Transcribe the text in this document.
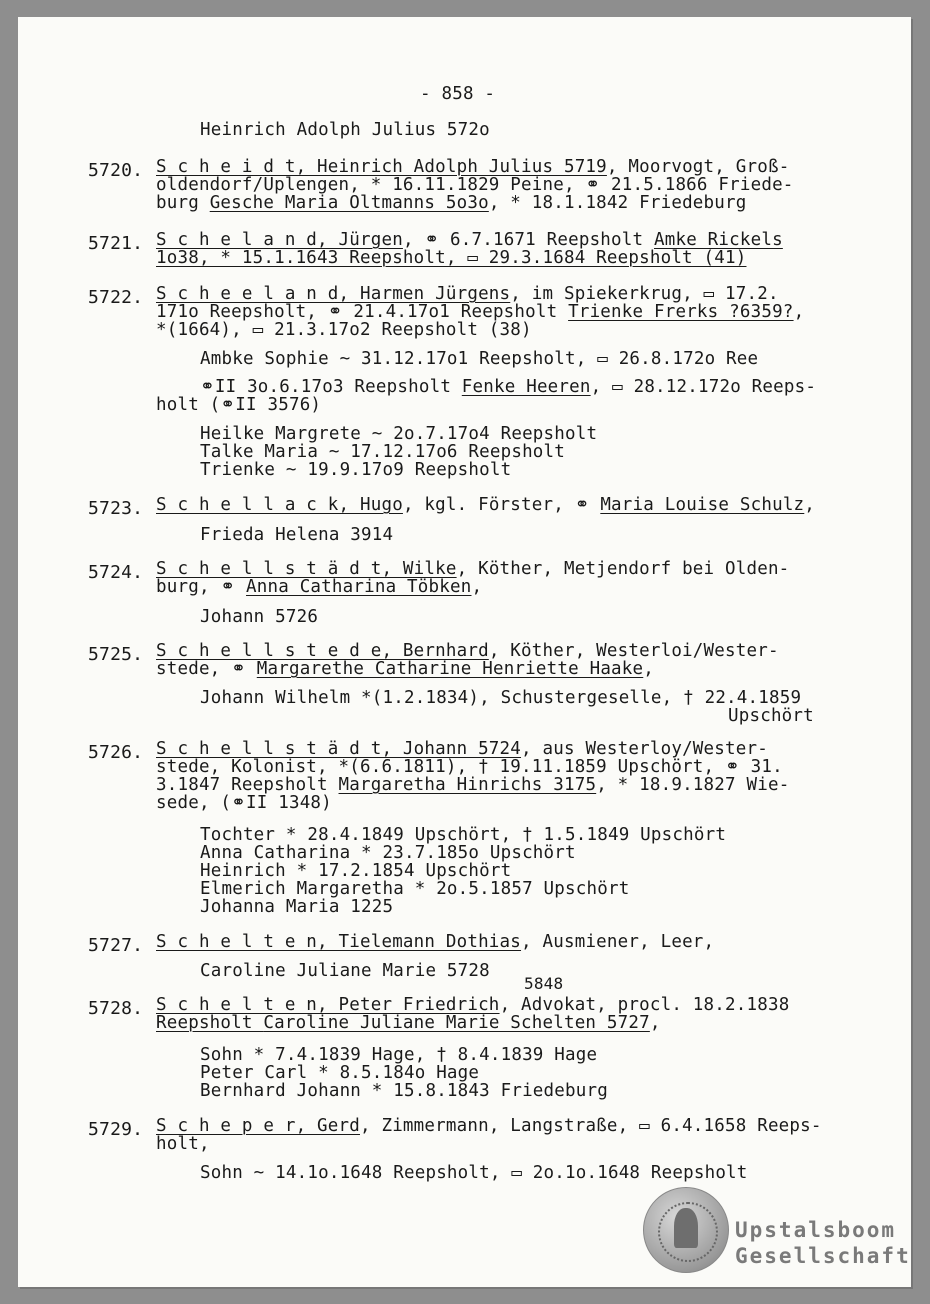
- 858 -
Heinrich Adolph Julius 572o
5720. S c h e i d t, Heinrich Adolph Julius 5719, Moorvogt, Groß-
oldendorf/Uplengen, * 16.11.1829 Peine, ⚭ 21.5.1866 Friede-
burg Gesche Maria Oltmanns 5o3o, * 18.1.1842 Friedeburg
5721. S c h e l a n d, Jürgen, ⚭ 6.7.1671 Reepsholt Amke Rickels
1o38, * 15.1.1643 Reepsholt, ▭ 29.3.1684 Reepsholt (41)
5722. S c h e e l a n d, Harmen Jürgens, im Spiekerkrug, ▭ 17.2.
171o Reepsholt, ⚭ 21.4.17o1 Reepsholt Trienke Frerks ?6359?,
*(1664), ▭ 21.3.17o2 Reepsholt (38)
Ambke Sophie ~ 31.12.17o1 Reepsholt, ▭ 26.8.172o Ree
⚭II 3o.6.17o3 Reepsholt Fenke Heeren, ▭ 28.12.172o Reeps-
holt (⚭II 3576)
Heilke Margrete ~ 2o.7.17o4 Reepsholt
Talke Maria ~ 17.12.17o6 Reepsholt
Trienke ~ 19.9.17o9 Reepsholt
5723. S c h e l l a c k, Hugo, kgl. Förster, ⚭ Maria Louise Schulz,
Frieda Helena 3914
5724. S c h e l l s t ä d t, Wilke, Köther, Metjendorf bei Olden-
burg, ⚭ Anna Catharina Töbken,
Johann 5726
5725. S c h e l l s t e d e, Bernhard, Köther, Westerloi/Wester-
stede, ⚭ Margarethe Catharine Henriette Haake,
Johann Wilhelm *(1.2.1834), Schustergeselle, † 22.4.1859
Upschört
5726. S c h e l l s t ä d t, Johann 5724, aus Westerloy/Wester-
stede, Kolonist, *(6.6.1811), † 19.11.1859 Upschört, ⚭ 31.
3.1847 Reepsholt Margaretha Hinrichs 3175, * 18.9.1827 Wie-
sede, (⚭II 1348)
Tochter * 28.4.1849 Upschört, † 1.5.1849 Upschört
Anna Catharina * 23.7.185o Upschört
Heinrich * 17.2.1854 Upschört
Elmerich Margaretha * 2o.5.1857 Upschört
Johanna Maria 1225
5727. S c h e l t e n, Tielemann Dothias, Ausmiener, Leer,
Caroline Juliane Marie 5728
5848
5728. S c h e l t e n, Peter Friedrich, Advokat, procl. 18.2.1838
Reepsholt Caroline Juliane Marie Schelten 5727,
Sohn * 7.4.1839 Hage, † 8.4.1839 Hage
Peter Carl * 8.5.184o Hage
Bernhard Johann * 15.8.1843 Friedeburg
5729. S c h e p e r, Gerd, Zimmermann, Langstraße, ▭ 6.4.1658 Reeps-
holt,
Sohn ~ 14.1o.1648 Reepsholt, ▭ 2o.1o.1648 Reepsholt
Upstalsboom
Gesellschaft
